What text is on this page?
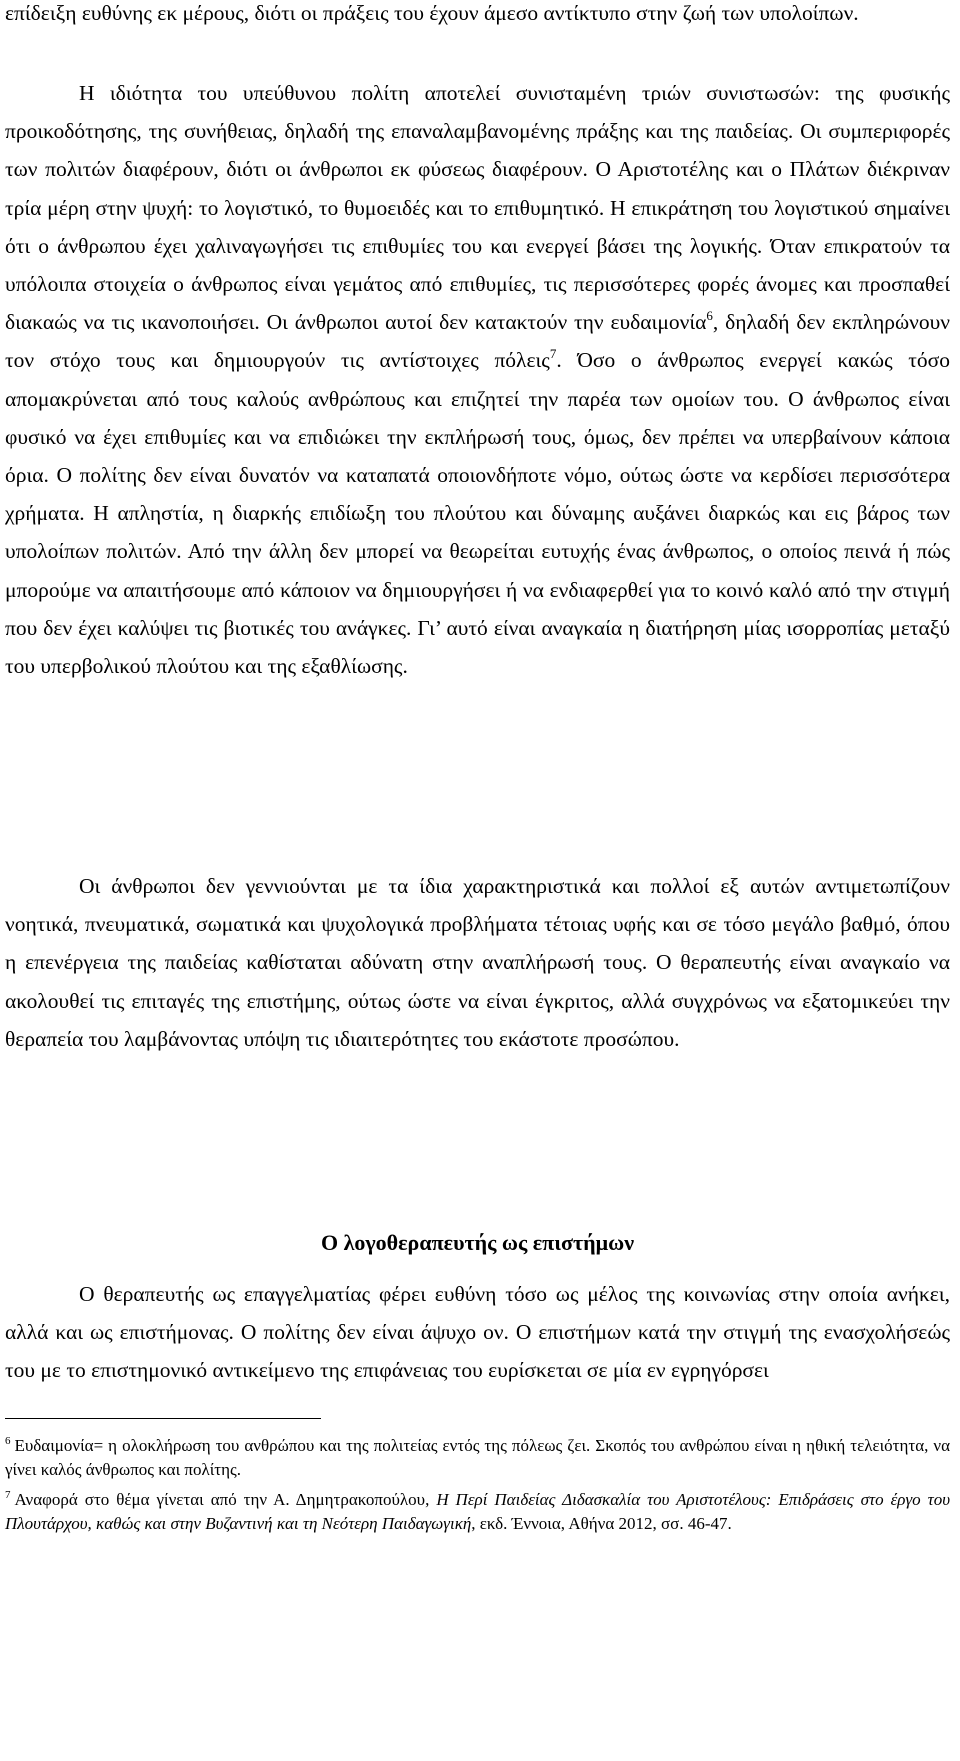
επίδειξη ευθύνης εκ μέρους, διότι οι πράξεις του έχουν άμεσο αντίκτυπο στην ζωή των υπολοίπων.

Η ιδιότητα του υπεύθυνου πολίτη αποτελεί συνισταμένη τριών συνιστωσών: της φυσικής προικοδότησης, της συνήθειας, δηλαδή της επαναλαμβανομένης πράξης και της παιδείας. Οι συμπεριφορές των πολιτών διαφέρουν, διότι οι άνθρωποι εκ φύσεως διαφέρουν. Ο Αριστοτέλης και ο Πλάτων διέκριναν τρία μέρη στην ψυχή: το λογιστικό, το θυμοειδές και το επιθυμητικό. Η επικράτηση του λογιστικού σημαίνει ότι ο άνθρωπου έχει χαλιναγωγήσει τις επιθυμίες του και ενεργεί βάσει της λογικής. Όταν επικρατούν τα υπόλοιπα στοιχεία ο άνθρωπος είναι γεμάτος από επιθυμίες, τις περισσότερες φορές άνομες και προσπαθεί διακαώς να τις ικανοποιήσει. Οι άνθρωποι αυτοί δεν κατακτούν την ευδαιμονία$^6$, δηλαδή δεν εκπληρώνουν τον στόχο τους και δημιουργούν τις αντίστοιχες πόλεις$^7$. Όσο ο άνθρωπος ενεργεί κακώς τόσο απομακρύνεται από τους καλούς ανθρώπους και επιζητεί την παρέα των ομοίων του. Ο άνθρωπος είναι φυσικό να έχει επιθυμίες και να επιδιώκει την εκπλήρωσή τους, όμως, δεν πρέπει να υπερβαίνουν κάποια όρια. Ο πολίτης δεν είναι δυνατόν να καταπατά οποιονδήποτε νόμο, ούτως ώστε να κερδίσει περισσότερα χρήματα. Η απληστία, η διαρκής επιδίωξη του πλούτου και δύναμης αυξάνει διαρκώς και εις βάρος των υπολοίπων πολιτών. Από την άλλη δεν μπορεί να θεωρείται ευτυχής ένας άνθρωπος, ο οποίος πεινά ή πώς μπορούμε να απαιτήσουμε από κάποιον να δημιουργήσει ή να ενδιαφερθεί για το κοινό καλό από την στιγμή που δεν έχει καλύψει τις βιοτικές του ανάγκες. Γι’ αυτό είναι αναγκαία η διατήρηση μίας ισορροπίας μεταξύ του υπερβολικού πλούτου και της εξαθλίωσης.

Οι άνθρωποι δεν γεννιούνται με τα ίδια χαρακτηριστικά και πολλοί εξ αυτών αντιμετωπίζουν νοητικά, πνευματικά, σωματικά και ψυχολογικά προβλήματα τέτοιας υφής και σε τόσο μεγάλο βαθμό, όπου η επενέργεια της παιδείας καθίσταται αδύνατη στην αναπλήρωσή τους. Ο θεραπευτής είναι αναγκαίο να ακολουθεί τις επιταγές της επιστήμης, ούτως ώστε να είναι έγκριτος, αλλά συγχρόνως να εξατομικεύει την θεραπεία του λαμβάνοντας υπόψη τις ιδιαιτερότητες του εκάστοτε προσώπου.

Ο λογοθεραπευτής ως επιστήμων

Ο θεραπευτής ως επαγγελματίας φέρει ευθύνη τόσο ως μέλος της κοινωνίας στην οποία ανήκει, αλλά και ως επιστήμονας. Ο πολίτης δεν είναι άψυχο ον. Ο επιστήμων κατά την στιγμή της ενασχολήσεώς του με το επιστημονικό αντικείμενο της επιφάνειας του ευρίσκεται σε μία εν εγρηγόρσει

$^6$ Ευδαιμονία= η ολοκλήρωση του ανθρώπου και της πολιτείας εντός της πόλεως ζει. Σκοπός του ανθρώπου είναι η ηθική τελειότητα, να γίνει καλός άνθρωπος και πολίτης.

$^7$ Αναφορά στο θέμα γίνεται από την Α. Δημητρακοπούλου, Η Περί Παιδείας Διδασκαλία του Αριστοτέλους: Επιδράσεις στο έργο του Πλουτάρχου, καθώς και στην Βυζαντινή και τη Νεότερη Παιδαγωγική, εκδ. Έννοια, Αθήνα 2012, σσ. 46-47.
